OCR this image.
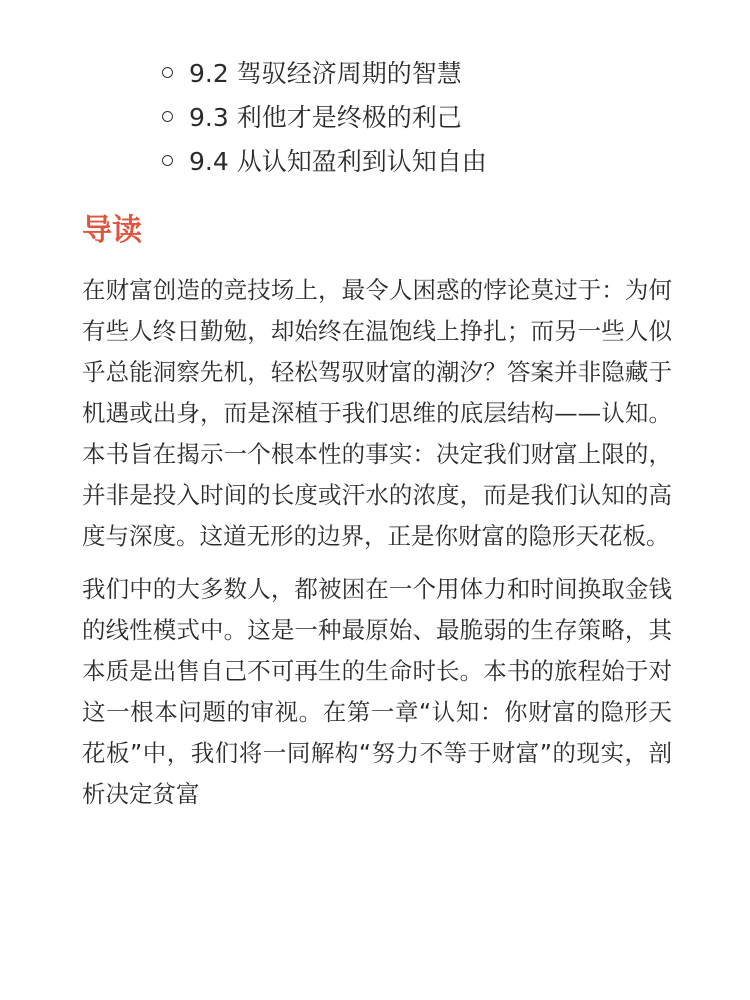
9.2 驾驭经济周期的智慧
9.3 利他才是终极的利己
9.4 从认知盈利到认知自由
导读

在财富创造的竞技场上，最令人困惑的悖论莫过于：为何有些人终日勤勉，却始终在温饱线上挣扎；而另一些人似乎总能洞察先机，轻松驾驭财富的潮汐？答案并非隐藏于机遇或出身，而是深植于我们思维的底层结构——认知。本书旨在揭示一个根本性的事实：决定我们财富上限的，并非是投入时间的长度或汗水的浓度，而是我们认知的高度与深度。这道无形的边界，正是你财富的隐形天花板。

我们中的大多数人，都被困在一个用体力和时间换取金钱的线性模式中。这是一种最原始、最脆弱的生存策略，其本质是出售自己不可再生的生命时长。本书的旅程始于对这一根本问题的审视。在第一章“认知：你财富的隐形天花板”中，我们将一同解构“努力不等于财富”的现实，剖析决定贫富
